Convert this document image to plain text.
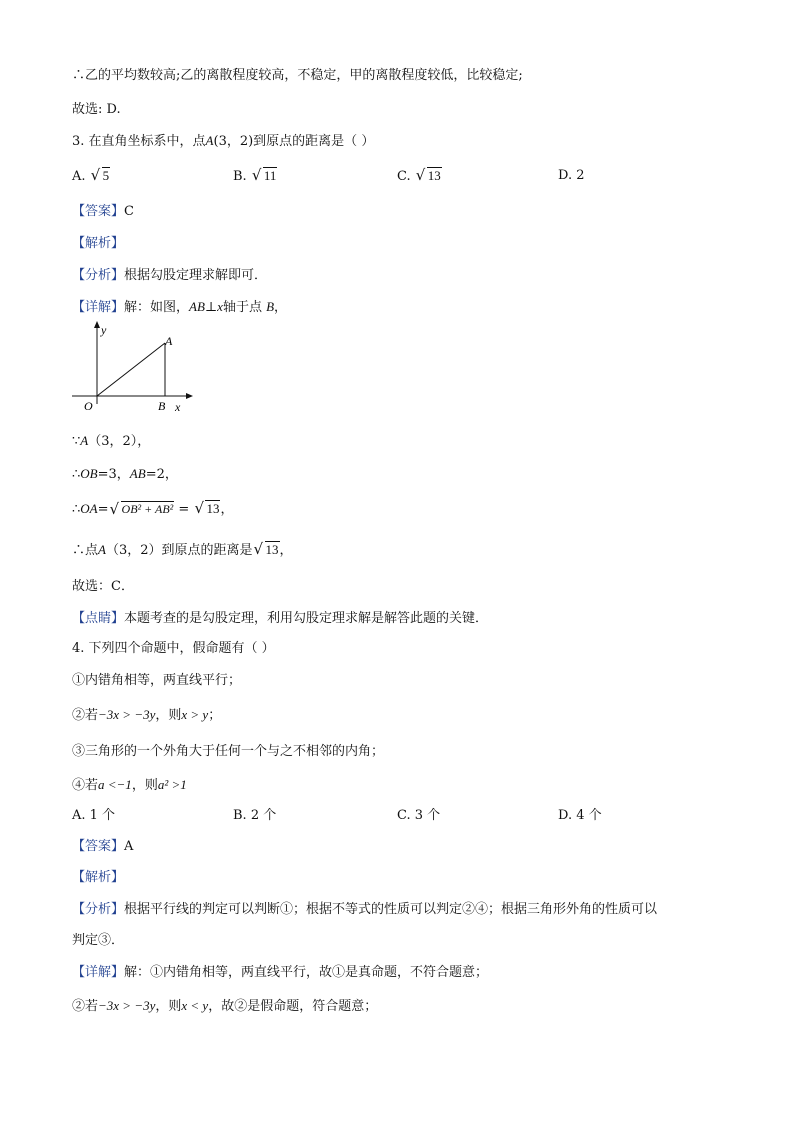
∴乙的平均数较高;乙的离散程度较高，不稳定，甲的离散程度较低，比较稳定;
故选: D.
3. 在直角坐标系中，点A(3，2)到原点的距离是（ ）
A. √ 5	B. √ 11	C. √ 13	D. 2
【答案】C
【解析】
【分析】根据勾股定理求解即可．
【详解】解：如图，AB⊥x轴于点 B，
y
x
O
A
B
∵A（3，2），
∴OB=3，AB=2，
∴OA= √ OB² + AB² = √ 13，
∴点A（3，2）到原点的距离是 √ 13，
故选：C．
【点睛】本题考查的是勾股定理，利用勾股定理求解是解答此题的关键．
4. 下列四个命题中，假命题有（ ）
①内错角相等，两直线平行；
②若−3x > −3y，则x > y；
③三角形的一个外角大于任何一个与之不相邻的内角；
④若a <−1，则a² >1
A. 1 个	B. 2 个	C. 3 个	D. 4 个
【答案】A
【解析】
【分析】根据平行线的判定可以判断①；根据不等式的性质可以判定②④；根据三角形外角的性质可以
判定③．
【详解】解：①内错角相等，两直线平行，故①是真命题，不符合题意；
②若−3x > −3y，则x < y，故②是假命题，符合题意；
